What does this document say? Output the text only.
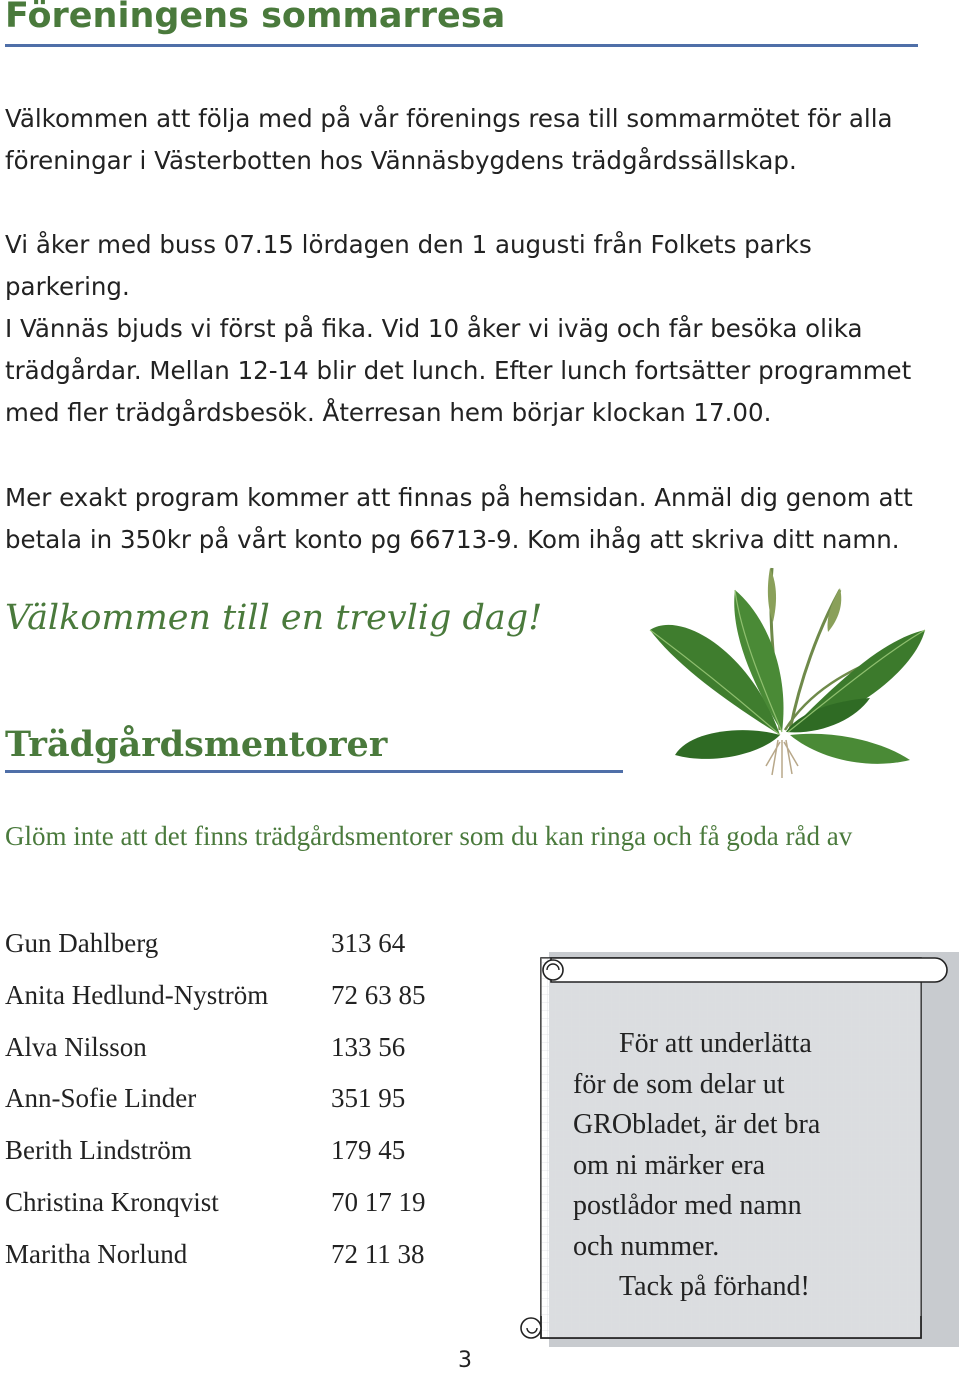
Föreningens sommarresa
Välkommen att följa med på vår förenings resa till sommarmötet för alla
föreningar i Västerbotten hos Vännäsbygdens trädgårdssällskap.
Vi åker med buss 07.15 lördagen den 1 augusti från Folkets parks
parkering.
I Vännäs bjuds vi först på fika. Vid 10 åker vi iväg och får besöka olika
trädgårdar. Mellan 12-14 blir det lunch. Efter lunch fortsätter programmet
med fler trädgårdsbesök. Återresan hem börjar klockan 17.00.
Mer exakt program kommer att finnas på hemsidan. Anmäl dig genom att
betala in 350kr på vårt konto pg 66713-9. Kom ihåg att skriva ditt namn.
Välkommen till en trevlig dag!
Trädgårdsmentorer
Glöm inte att det finns trädgårdsmentorer som du kan ringa och få goda råd av
Gun Dahlberg	313 64
Anita Hedlund-Nyström 72 63 85
Alva Nilsson	133 56
Ann-Sofie Linder	351 95
Berith Lindström	179 45
Christina Kronqvist	70 17 19
Maritha Norlund	72 11 38
För att underlätta
för de som delar ut
GRObladet, är det bra
om ni märker era
postlådor med namn
och nummer.
Tack på förhand!
3
